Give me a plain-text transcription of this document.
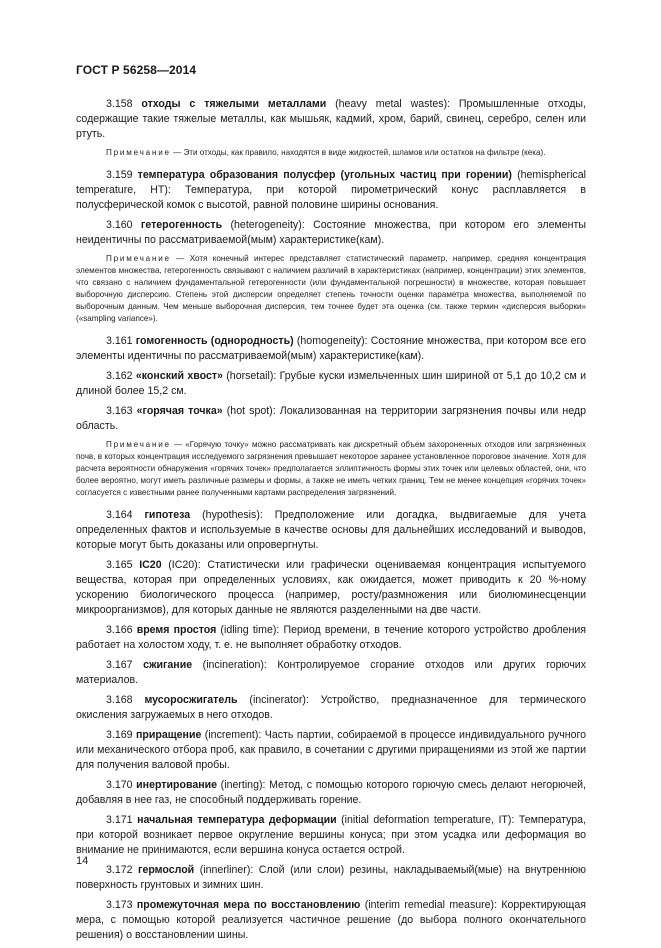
ГОСТ Р 56258—2014

3.158 отходы с тяжелыми металлами (heavy metal wastes): Промышленные отходы, содержащие такие тяжелые металлы, как мышьяк, кадмий, хром, барий, свинец, серебро, селен или ртуть.

Примечание — Эти отходы, как правило, находятся в виде жидкостей, шламов или остатков на фильтре (кека).

3.159 температура образования полусфер (угольных частиц при горении) (hemispherical temperature, HT): Температура, при которой пирометрический конус расплавляется в полусферической комок с высотой, равной половине ширины основания.

3.160 гетерогенность (heterogeneity): Состояние множества, при котором его элементы неидентичны по рассматриваемой(мым) характеристике(кам).

Примечание — Хотя конечный интерес представляет статистический параметр, например, средняя концентрация элементов множества, гетерогенность связывают с наличием различий в характеристиках (например, концентрации) этих элементов, что связано с наличием фундаментальной гетерогенности (или фундаментальной погрешности) в множестве, которая повышает выборочную дисперсию. Степень этой дисперсии определяет степень точности оценки параметра множества, выполняемой по выборочным данным. Чем меньше выборочная дисперсия, тем точнее будет эта оценка (см. также термин «дисперсия выборки» («sampling variance»).

3.161 гомогенность (однородность) (homogeneity): Состояние множества, при котором все его элементы идентичны по рассматриваемой(мым) характеристике(кам).

3.162 «конский хвост» (horsetail): Грубые куски измельченных шин шириной от 5,1 до 10,2 см и длиной более 15,2 см.

3.163 «горячая точка» (hot spot): Локализованная на территории загрязнения почвы или недр область.

Примечание — «Горячую точку» можно рассматривать как дискретный объем захороненных отходов или загрязненных почв, в которых концентрация исследуемого загрязнения превышает некоторое заранее установленное пороговое значение. Хотя для расчета вероятности обнаружения «горячих точек» предполагается эллиптичность формы этих точек или целевых областей, они, что более вероятно, могут иметь различные размеры и формы, а также не иметь четких границ. Тем не менее концепция «горячих точек» согласуется с известными ранее полученными картами распределения загрязнений.

3.164 гипотеза (hypothesis): Предположение или догадка, выдвигаемые для учета определенных фактов и используемые в качестве основы для дальнейших исследований и выводов, которые могут быть доказаны или опровергнуты.

3.165 IC20 (IC20): Статистически или графически оцениваемая концентрация испытуемого вещества, которая при определенных условиях, как ожидается, может приводить к 20 %-ному ускорению биологического процесса (например, росту/размножения или биолюминесценции микроорганизмов), для которых данные не являются разделенными на две части.

3.166 время простоя (idling time): Период времени, в течение которого устройство дробления работает на холостом ходу, т. е. не выполняет обработку отходов.

3.167 сжигание (incineration): Контролируемое сгорание отходов или других горючих материалов.

3.168 мусоросжигатель (incinerator): Устройство, предназначенное для термического окисления загружаемых в него отходов.

3.169 приращение (increment): Часть партии, собираемой в процессе индивидуального ручного или механического отбора проб, как правило, в сочетании с другими приращениями из этой же партии для получения валовой пробы.

3.170 инертирование (inerting): Метод, с помощью которого горючую смесь делают негорючей, добавляя в нее газ, не способный поддерживать горение.

3.171 начальная температура деформации (initial deformation temperature, IT): Температура, при которой возникает первое округление вершины конуса; при этом усадка или деформация во внимание не принимаются, если вершина конуса остается острой.

3.172 гермослой (innerliner): Слой (или слои) резины, накладываемый(мые) на внутреннюю поверхность грунтовых и зимних шин.

3.173 промежуточная мера по восстановлению (interim remedial measure): Корректирующая мера, с помощью которой реализуется частичное решение (до выбора полного окончательного решения) о восстановлении шины.

14
